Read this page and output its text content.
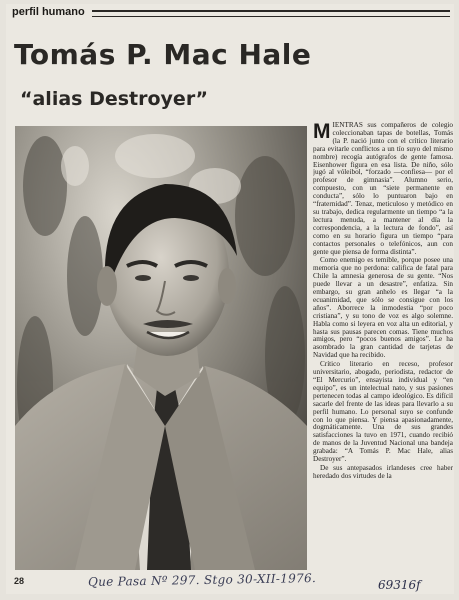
perfil humano
Tomás P. Mac Hale
“alias Destroyer”

MIENTRAS sus compañeros de colegio coleccionaban tapas de botellas, Tomás (la P. nació junto con el crítico literario para evitarle conflictos a un tío suyo del mismo nombre) recogía autógrafos de gente famosa. Eisenhower figura en esa lista. De niño, sólo jugó al vóleibol, “forzado —confiesa— por el profesor de gimnasia”. Alumno serio, compuesto, con un “siete permanente en conducta”, sólo lo puntuaron bajo en “fraternidad”. Tenaz, meticuloso y metódico en su trabajo, dedica regularmente un tiempo “a la lectura menuda, a mantener al día la correspondencia, a la lectura de fondo”, así como en su horario figura un tiempo “para contactos personales o telefónicos, aun con gente que piensa de forma distinta”.

Como enemigo es temible, porque posee una memoria que no perdona: califica de fatal para Chile la amnesia generosa de su gente. “Nos puede llevar a un desastre”, enfatiza. Sin embargo, su gran anhelo es llegar “a la ecuanimidad, que sólo se consigue con los años”. Aborrece la inmodestia “por poco cristiana”, y su tono de voz es algo solemne. Habla como si leyera en voz alta un editorial, y hasta sus pausas parecen comas. Tiene muchos amigos, pero “pocos buenos amigos”. Le ha asombrado la gran cantidad de tarjetas de Navidad que ha recibido.

Crítico literario en receso, profesor universitario, abogado, periodista, redactor de “El Mercurio”, ensayista individual y “en equipo”, es un intelectual nato, y sus pasiones pertenecen todas al campo ideológico. Es difícil sacarle del frente de las ideas para llevarlo a su perfil humano. Lo personal suyo se confunde con lo que piensa. Y piensa apasionadamente, dogmáticamente. Una de sus grandes satisfacciones la tuvo en 1971, cuando recibió de manos de la Juventud Nacional una bandeja grabada: “A Tomás P. Mac Hale, alias Destroyer”.

De sus antepasados irlandeses cree haber heredado dos virtudes de la

28	Que Pasa Nº 297. Stgo 30-XII-1976.	69316f
